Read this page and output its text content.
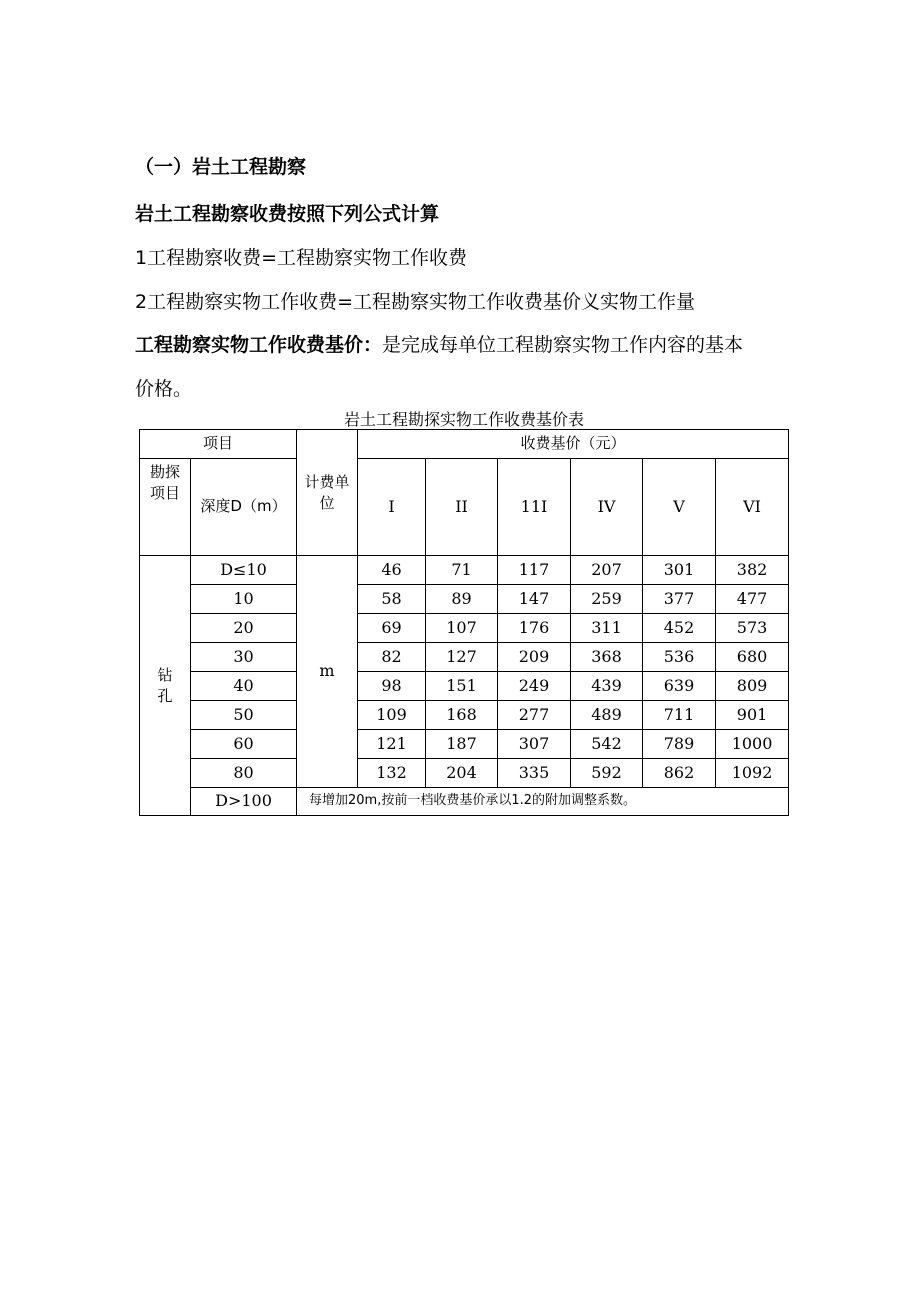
（一）岩土工程勘察
岩土工程勘察收费按照下列公式计算
1工程勘察收费=工程勘察实物工作收费
2工程勘察实物工作收费=工程勘察实物工作收费基价义实物工作量
工程勘察实物工作收费基价：是完成每单位工程勘察实物工作内容的基本
价格。
岩土工程勘探实物工作收费基价表
项目		计费单位	收费基价（元）					
勘探项目	深度D（m）		I	II	11I	IV	V	VI
钻孔	D≤10	m	46	71	117	207	301	382
	10		58	89	147	259	377	477
	20		69	107	176	311	452	573
	30		82	127	209	368	536	680
	40		98	151	249	439	639	809
	50		109	168	277	489	711	901
	60		121	187	307	542	789	1000
	80		132	204	335	592	862	1092
	D>100	每增加20m,按前一档收费基价承以1.2的附加调整系数。						
